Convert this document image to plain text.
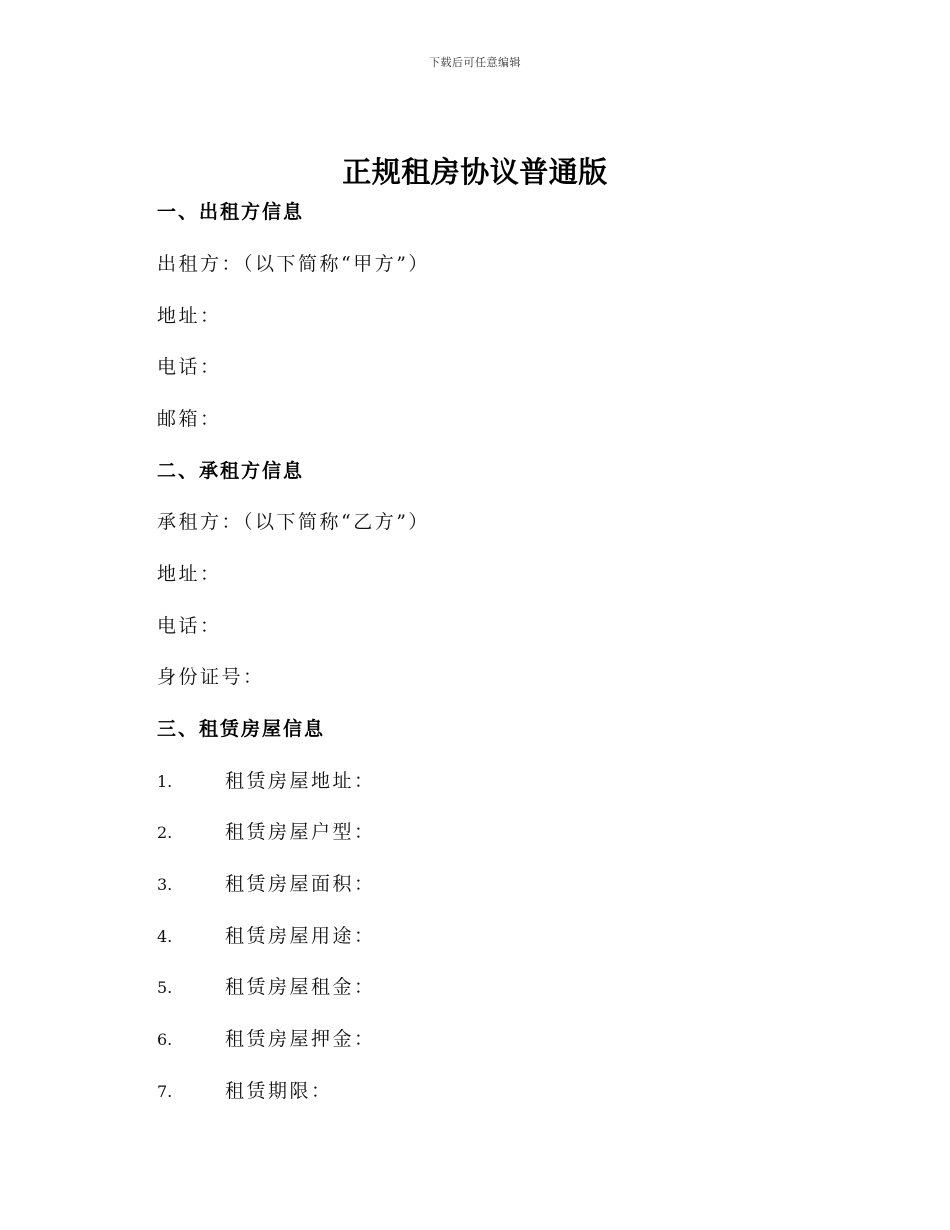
下载后可任意编辑
正规租房协议普通版
一、出租方信息
出租方：（以下简称“甲方”）
地址：
电话：
邮箱：
二、承租方信息
承租方：（以下简称“乙方”）
地址：
电话：
身份证号：
三、租赁房屋信息
1.	租赁房屋地址：
2.	租赁房屋户型：
3.	租赁房屋面积：
4.	租赁房屋用途：
5.	租赁房屋租金：
6.	租赁房屋押金：
7.	租赁期限：
